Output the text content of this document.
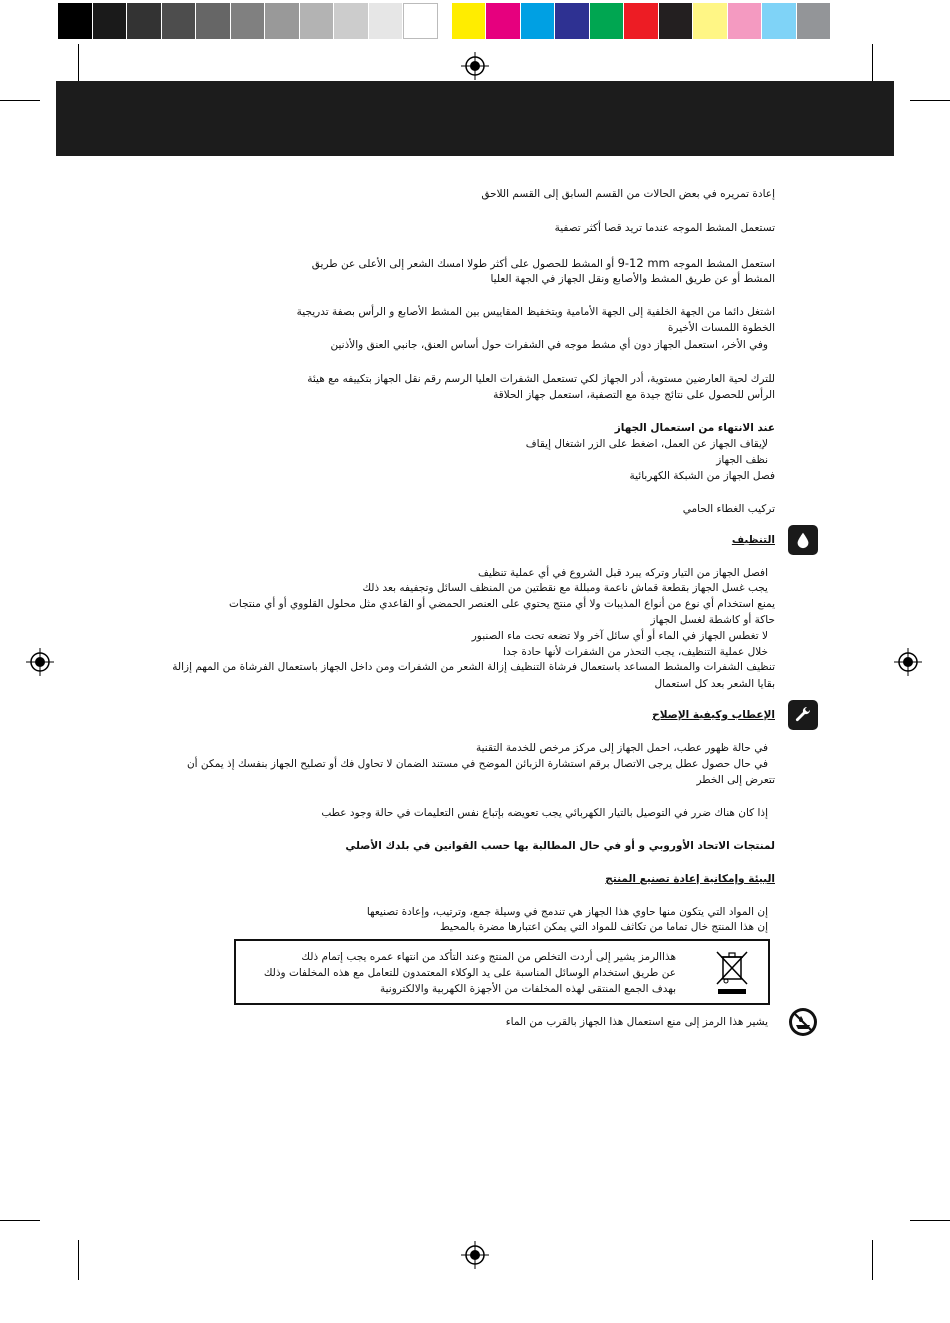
إعادة تمريره في بعض الحالات من القسم السابق إلى القسم اللاحق

تستعمل المشط الموجه عندما تريد قصا أكثر تصفية

استعمل المشط الموجه 9-12 mm أو المشط للحصول على أكثر طولا امسك الشعر إلى الأعلى عن طريق

المشط أو عن طريق المشط والأصابع ونقل الجهاز في الجهة العليا

اشتغل دائما من الجهة الخلفية إلى الجهة الأمامية وبتخفيظ المقاييس بين المشط الأصابع و الرأس بصفة تدريجية

الخطوة اللمسات الأخيرة

وفي الأخر، استعمل الجهاز دون أي مشط موجه في الشفرات حول أساس العنق، جانبي العنق والأذنين

للترك لحية العارضين مستوية، أدر الجهاز لكي تستعمل الشفرات العليا الرسم رقم نقل الجهاز بتكييفه مع هيئة

الرأس للحصول على نتائج جيدة مع التصفية، استعمل جهاز الحلاقة

عند الانتهاء من استعمال الجهاز

لإيقاف الجهاز عن العمل، اضغط على الزر اشتغال إيقاف

نظف الجهاز

فصل الجهاز من الشبكة الكهربائية

تركيب الغطاء الحامي

التنظيف

افصل الجهاز من التيار وتركه يبرد قبل الشروع في أي عملية تنظيف

يجب غسل الجهاز بقطعة قماش ناعمة ومبللة مع نقطتين من المنظف السائل وتجفيفه بعد ذلك

يمنع استخدام أي نوع من أنواع المذيبات ولا أي منتج يحتوي على العنصر الحمضي أو القاعدي مثل محلول القلووي أو أي منتجات

حاكة أو كاشطة لغسل الجهاز

لا تغطس الجهاز في الماء أو أي سائل آخر ولا تضعه تحت ماء الصنبور

خلال عملية التنظيف، يجب التحذر من الشفرات لأنها حادة جدا

تنظيف الشفرات والمشط المساعد باستعمال فرشاة التنظيف إزالة الشعر من الشفرات ومن داخل الجهاز باستعمال الفرشاة من المهم إزالة

بقايا الشعر بعد كل استعمال

الإعطاب وكيفية الإصلاح

في حالة ظهور عطب، احمل الجهاز إلى مركز مرخص للخدمة التقنية

في حال حصول عطل يرجى الاتصال برقم استشارة الزبائن الموضح في مستند الضمان لا تحاول فك أو تصليح الجهاز بنفسك إذ يمكن أن

تتعرض إلى الخطر

إذا كان هناك ضرر في التوصيل بالتيار الكهربائي يجب تعويضه بإتباع نفس التعليمات في حالة وجود عطب

لمنتجات الاتحاد الأوروبي و أو في حال المطالبة بها حسب القوانين في بلدك الأصلي

البيئة وإمكانية إعادة تصنيع المنتج

إن المواد التي يتكون منها حاوي هذا الجهاز هي تندمج في وسيلة جمع، وترتيب، وإعادة تصنيعها

إن هذا المنتج خال تماما من تكاثف للمواد التي يمكن اعتبارها مضرة بالمحيط

هذاالرمز يشير إلى أردت التخلص من المنتج وعند التأكد من انتهاء عمره يجب إتمام ذلك

عن طريق استخدام الوسائل المناسبة على يد الوكلاء المعتمدون للتعامل مع هذه المخلفات وذلك

بهدف الجمع المنتقى لهذه المخلفات من الأجهزة الكهربية والالكترونية

يشير هذا الرمز إلى منع استعمال هذا الجهاز بالقرب من الماء
